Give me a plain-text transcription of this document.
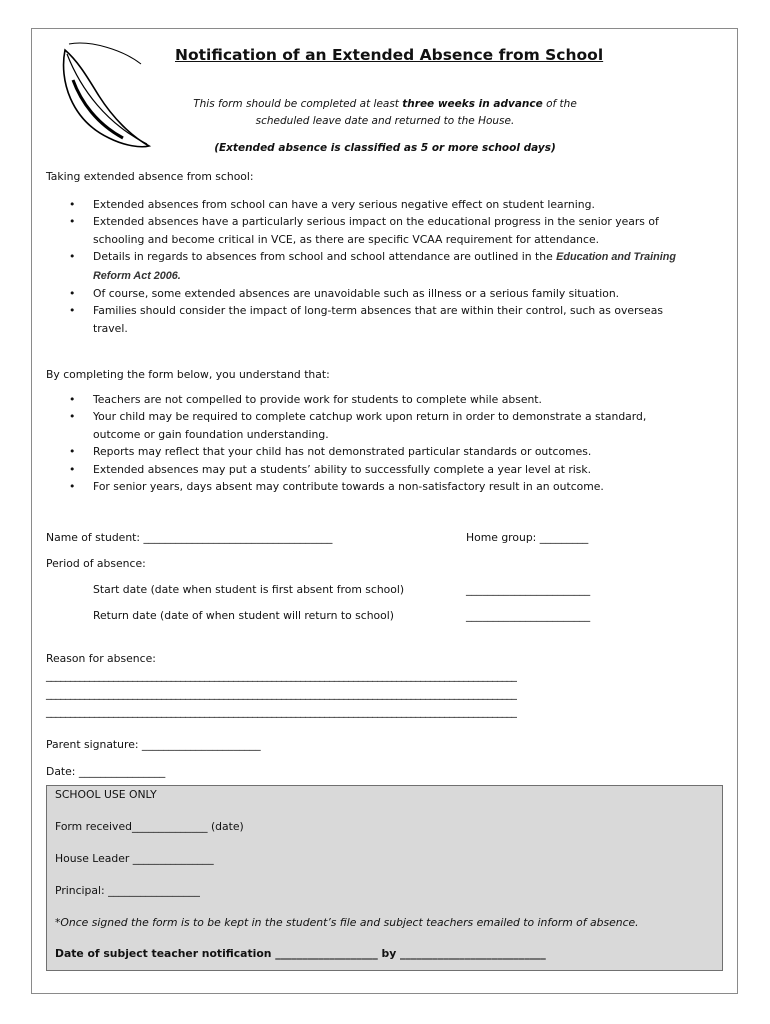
Notification of an Extended Absence from School
This form should be completed at least three weeks in advance of the scheduled leave date and returned to the House.
(Extended absence is classified as 5 or more school days)
Taking extended absence from school:
• Extended absences from school can have a very serious negative effect on student learning.
• Extended absences have a particularly serious impact on the educational progress in the senior years of schooling and become critical in VCE, as there are specific VCAA requirement for attendance.
• Details in regards to absences from school and school attendance are outlined in the Education and Training Reform Act 2006.
• Of course, some extended absences are unavoidable such as illness or a serious family situation.
• Families should consider the impact of long-term absences that are within their control, such as overseas travel.
By completing the form below, you understand that:
• Teachers are not compelled to provide work for students to complete while absent.
• Your child may be required to complete catchup work upon return in order to demonstrate a standard, outcome or gain foundation understanding.
• Reports may reflect that your child has not demonstrated particular standards or outcomes.
• Extended absences may put a students’ ability to successfully complete a year level at risk.
• For senior years, days absent may contribute towards a non-satisfactory result in an outcome.
Name of student: ___________________________________	Home group: _________
Period of absence:
Start date (date when student is first absent from school)	_______________________
Return date (date of when student will return to school)	_______________________
Reason for absence:
__________________________________________________________________________________________________
__________________________________________________________________________________________________
__________________________________________________________________________________________________
Parent signature: ______________________
Date: ________________
SCHOOL USE ONLY
Form received______________ (date)
House Leader _______________
Principal: _________________
*Once signed the form is to be kept in the student’s file and subject teachers emailed to inform of absence.
Date of subject teacher notification ___________________ by ___________________________
